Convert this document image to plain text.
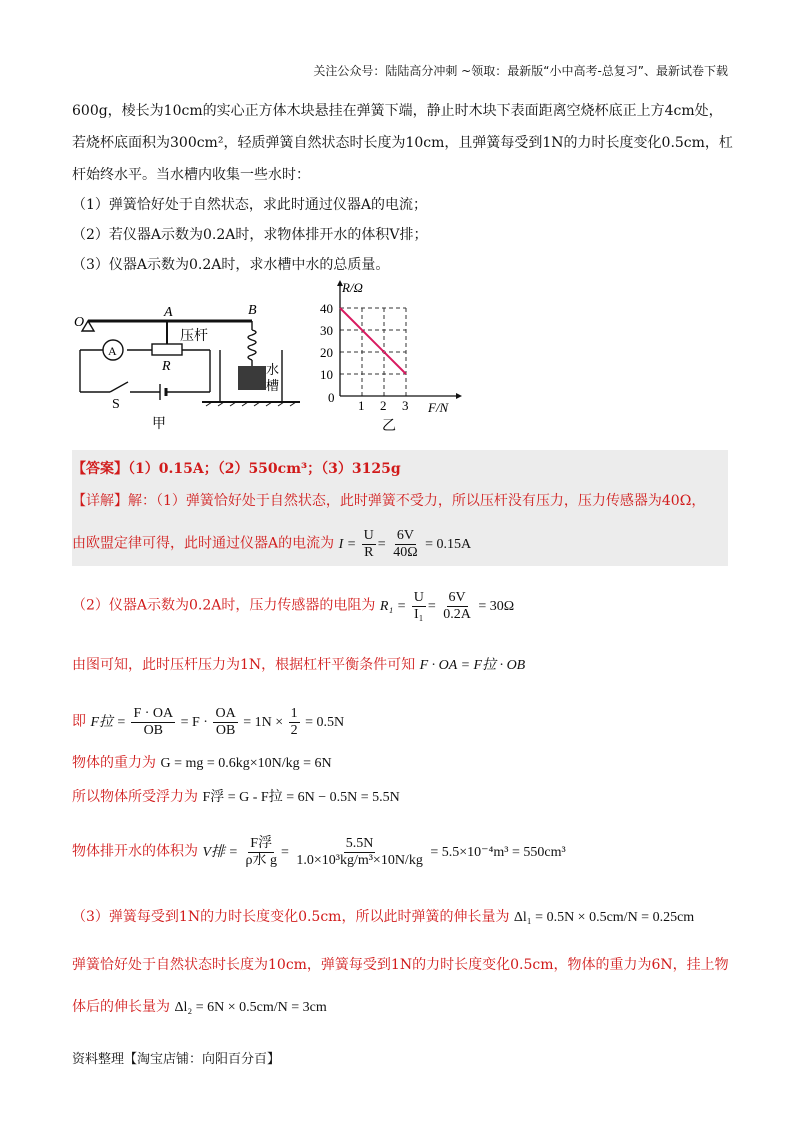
关注公众号：陆陆高分冲刺 ~领取：最新版“小中高考-总复习”、最新试卷下载
600g，棱长为10cm的实心正方体木块悬挂在弹簧下端，静止时木块下表面距离空烧杯底正上方4cm处，
若烧杯底面积为300cm²，轻质弹簧自然状态时长度为10cm，且弹簧每受到1N的力时长度变化0.5cm，杠
杆始终水平。当水槽内收集一些水时：
（1）弹簧恰好处于自然状态，求此时通过仪器A的电流；
（2）若仪器A示数为0.2A时，求物体排开水的体积V排；
（3）仪器A示数为0.2A时，求水槽中水的总质量。
O
A	B
压杆
R
A
S
水
槽
甲
1 2 3
10
20
30
40
R/Ω
F/N
0
乙
【答案】（1）0.15A；（2）550cm³；（3）3125g
【详解】解：（1）弹簧恰好处于自然状态，此时弹簧不受力，所以压杆没有压力，压力传感器为40Ω，
由欧盟定律可得，此时通过仪器A的电流为 $I = \frac{U}{R} = \frac{6V}{40\Omega} = 0.15A$
（2）仪器A示数为0.2A时，压力传感器的电阻为 $R_1 = \frac{U}{\text{I₁}} = \frac{6V}{0.2A} = 30\Omega$
由图可知，此时压杆压力为1N，根据杠杆平衡条件可知 F · OA = F拉 · OB
即 F拉 = $\frac{F \cdot OA}{OB} = F \cdot \frac{OA}{OB} = 1N \times \frac{1}{2} = 0.5N$
物体的重力为 G = mg = 0.6kg×10N/kg = 6N
所以物体所受浮力为 F浮 = G - F拉 = 6N − 0.5N = 5.5N
物体排开水的体积为 V排 = $\frac{\text{F浮}}{\text{ρ水 g}} = \frac{5.5N}{\text{1.0×10³kg/m³×10N/kg}} = 5.5\times 10^{-4}m^3 = 550cm^3$
（3）弹簧每受到1N的力时长度变化0.5cm，所以此时弹簧的伸长量为 Δl₁ = 0.5N × 0.5cm/N = 0.25cm
弹簧恰好处于自然状态时长度为10cm，弹簧每受到1N的力时长度变化0.5cm，物体的重力为6N，挂上物
体后的伸长量为 Δl₂ = 6N × 0.5cm/N = 3cm
资料整理【淘宝店铺：向阳百分百】
